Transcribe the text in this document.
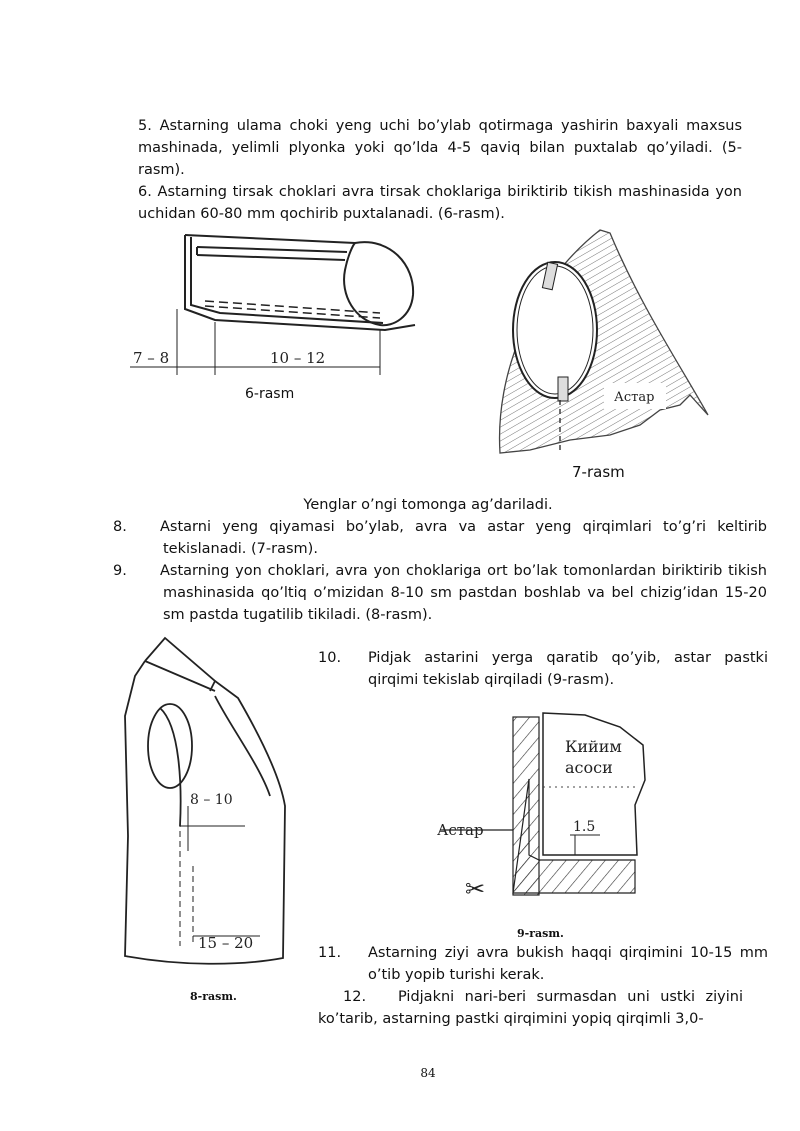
5. Astarning ulama choki yeng uchi bo’ylab qotirmaga yashirin baxyali maxsus mashinada, yelimli plyonka yoki qo’lda 4-5 qaviq bilan puxtalab qo’yiladi. (5-rasm).
6. Astarning tirsak choklari avra tirsak choklariga biriktirib tikish mashinasida yon uchidan 60-80 mm qochirib puxtalanadi. (6-rasm).
7 – 8	10 – 12
6-rasm	Астар
7-rasm
Yenglar o’ngi tomonga ag’dariladi.
8. Astarni yeng qiyamasi bo’ylab, avra va astar yeng qirqimlari to’g’ri keltirib tekislanadi. (7-rasm).
9. Astarning yon choklari, avra yon choklariga ort bo’lak tomonlardan biriktirib tikish mashinasida qo’ltiq o’mizidan 8-10 sm pastdan boshlab va bel chizig’idan 15-20 sm pastda tugatilib tikiladi. (8-rasm).
8 – 10
15 – 20
8-rasm.
10. Pidjak astarini yerga qaratib qo’yib, astar pastki qirqimi tekislab qirqiladi (9-rasm).
Кийим
асоси
Астар	1.5
✂
9-rasm.
11. Astarning ziyi avra bukish haqqi qirqimini 10-15 mm o’tib yopib turishi kerak.
12. Pidjakni nari-beri surmasdan uni ustki ziyini ko’tarib, astarning pastki qirqimini yopiq qirqimli 3,0-
84
